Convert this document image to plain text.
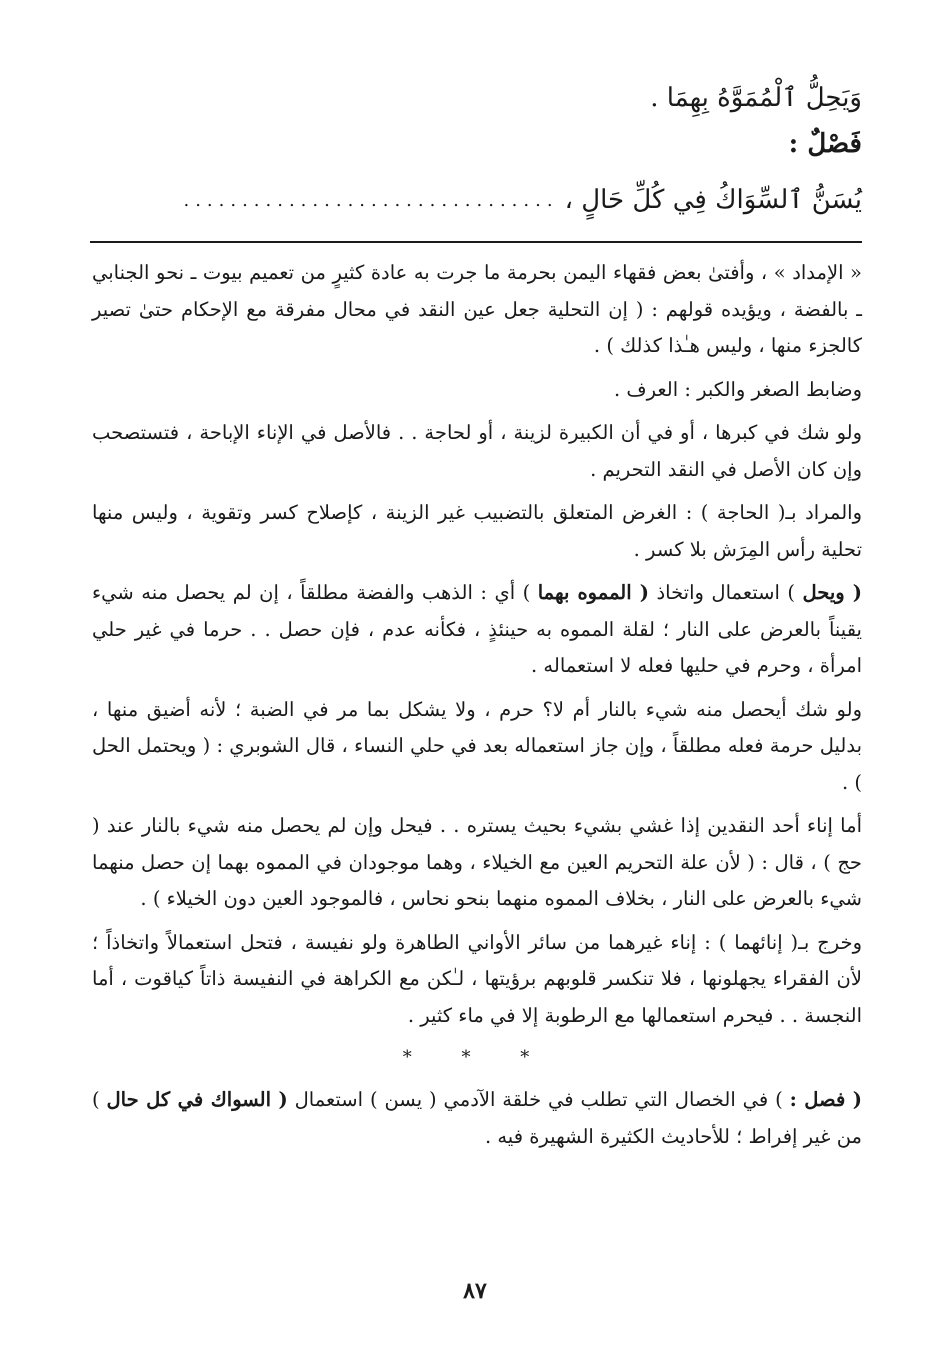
وَيَحِلُّ ٱلْمُمَوَّهُ بِهِمَا .
فَصْلٌ :
يُسَنُّ ٱلسِّوَاكُ فِي كُلِّ حَالٍ ،................................

« الإمداد » ، وأفتىٰ بعض فقهاء اليمن بحرمة ما جرت به عادة كثيرٍ من تعميم بيوت ـ نحو الجنابي ـ بالفضة ، ويؤيده قولهم : ( إن التحلية جعل عين النقد في محال مفرقة مع الإحكام حتىٰ تصير كالجزء منها ، وليس هـٰذا كذلك ) .

وضابط الصغر والكبر : العرف .

ولو شك في كبرها ، أو في أن الكبيرة لزينة ، أو لحاجة . . فالأصل في الإناء الإباحة ، فتستصحب وإن كان الأصل في النقد التحريم .

والمراد بـ( الحاجة ) : الغرض المتعلق بالتضبيب غير الزينة ، كإصلاح كسر وتقوية ، وليس منها تحلية رأس المِرَش بلا كسر .

( ويحل ) استعمال واتخاذ ( المموه بهما ) أي : الذهب والفضة مطلقاً ، إن لم يحصل منه شيء يقيناً بالعرض على النار ؛ لقلة المموه به حينئذٍ ، فكأنه عدم ، فإن حصل . . حرما في غير حلي امرأة ، وحرم في حليها فعله لا استعماله .

ولو شك أيحصل منه شيء بالنار أم لا؟ حرم ، ولا يشكل بما مر في الضبة ؛ لأنه أضيق منها ، بدليل حرمة فعله مطلقاً ، وإن جاز استعماله بعد في حلي النساء ، قال الشوبري : ( ويحتمل الحل ) .

أما إناء أحد النقدين إذا غشي بشيء بحيث يستره . . فيحل وإن لم يحصل منه شيء بالنار عند ( حج ) ، قال : ( لأن علة التحريم العين مع الخيلاء ، وهما موجودان في المموه بهما إن حصل منهما شيء بالعرض على النار ، بخلاف المموه منهما بنحو نحاس ، فالموجود العين دون الخيلاء ) .

وخرج بـ( إنائهما ) : إناء غيرهما من سائر الأواني الطاهرة ولو نفيسة ، فتحل استعمالاً واتخاذاً ؛ لأن الفقراء يجهلونها ، فلا تنكسر قلوبهم برؤيتها ، لـٰكن مع الكراهة في النفيسة ذاتاً كياقوت ، أما النجسة . . فيحرم استعمالها مع الرطوبة إلا في ماء كثير .

* * *

( فصل : ) في الخصال التي تطلب في خلقة الآدمي ( يسن ) استعمال ( السواك في كل حال ) من غير إفراط ؛ للأحاديث الكثيرة الشهيرة فيه .

٨٧
